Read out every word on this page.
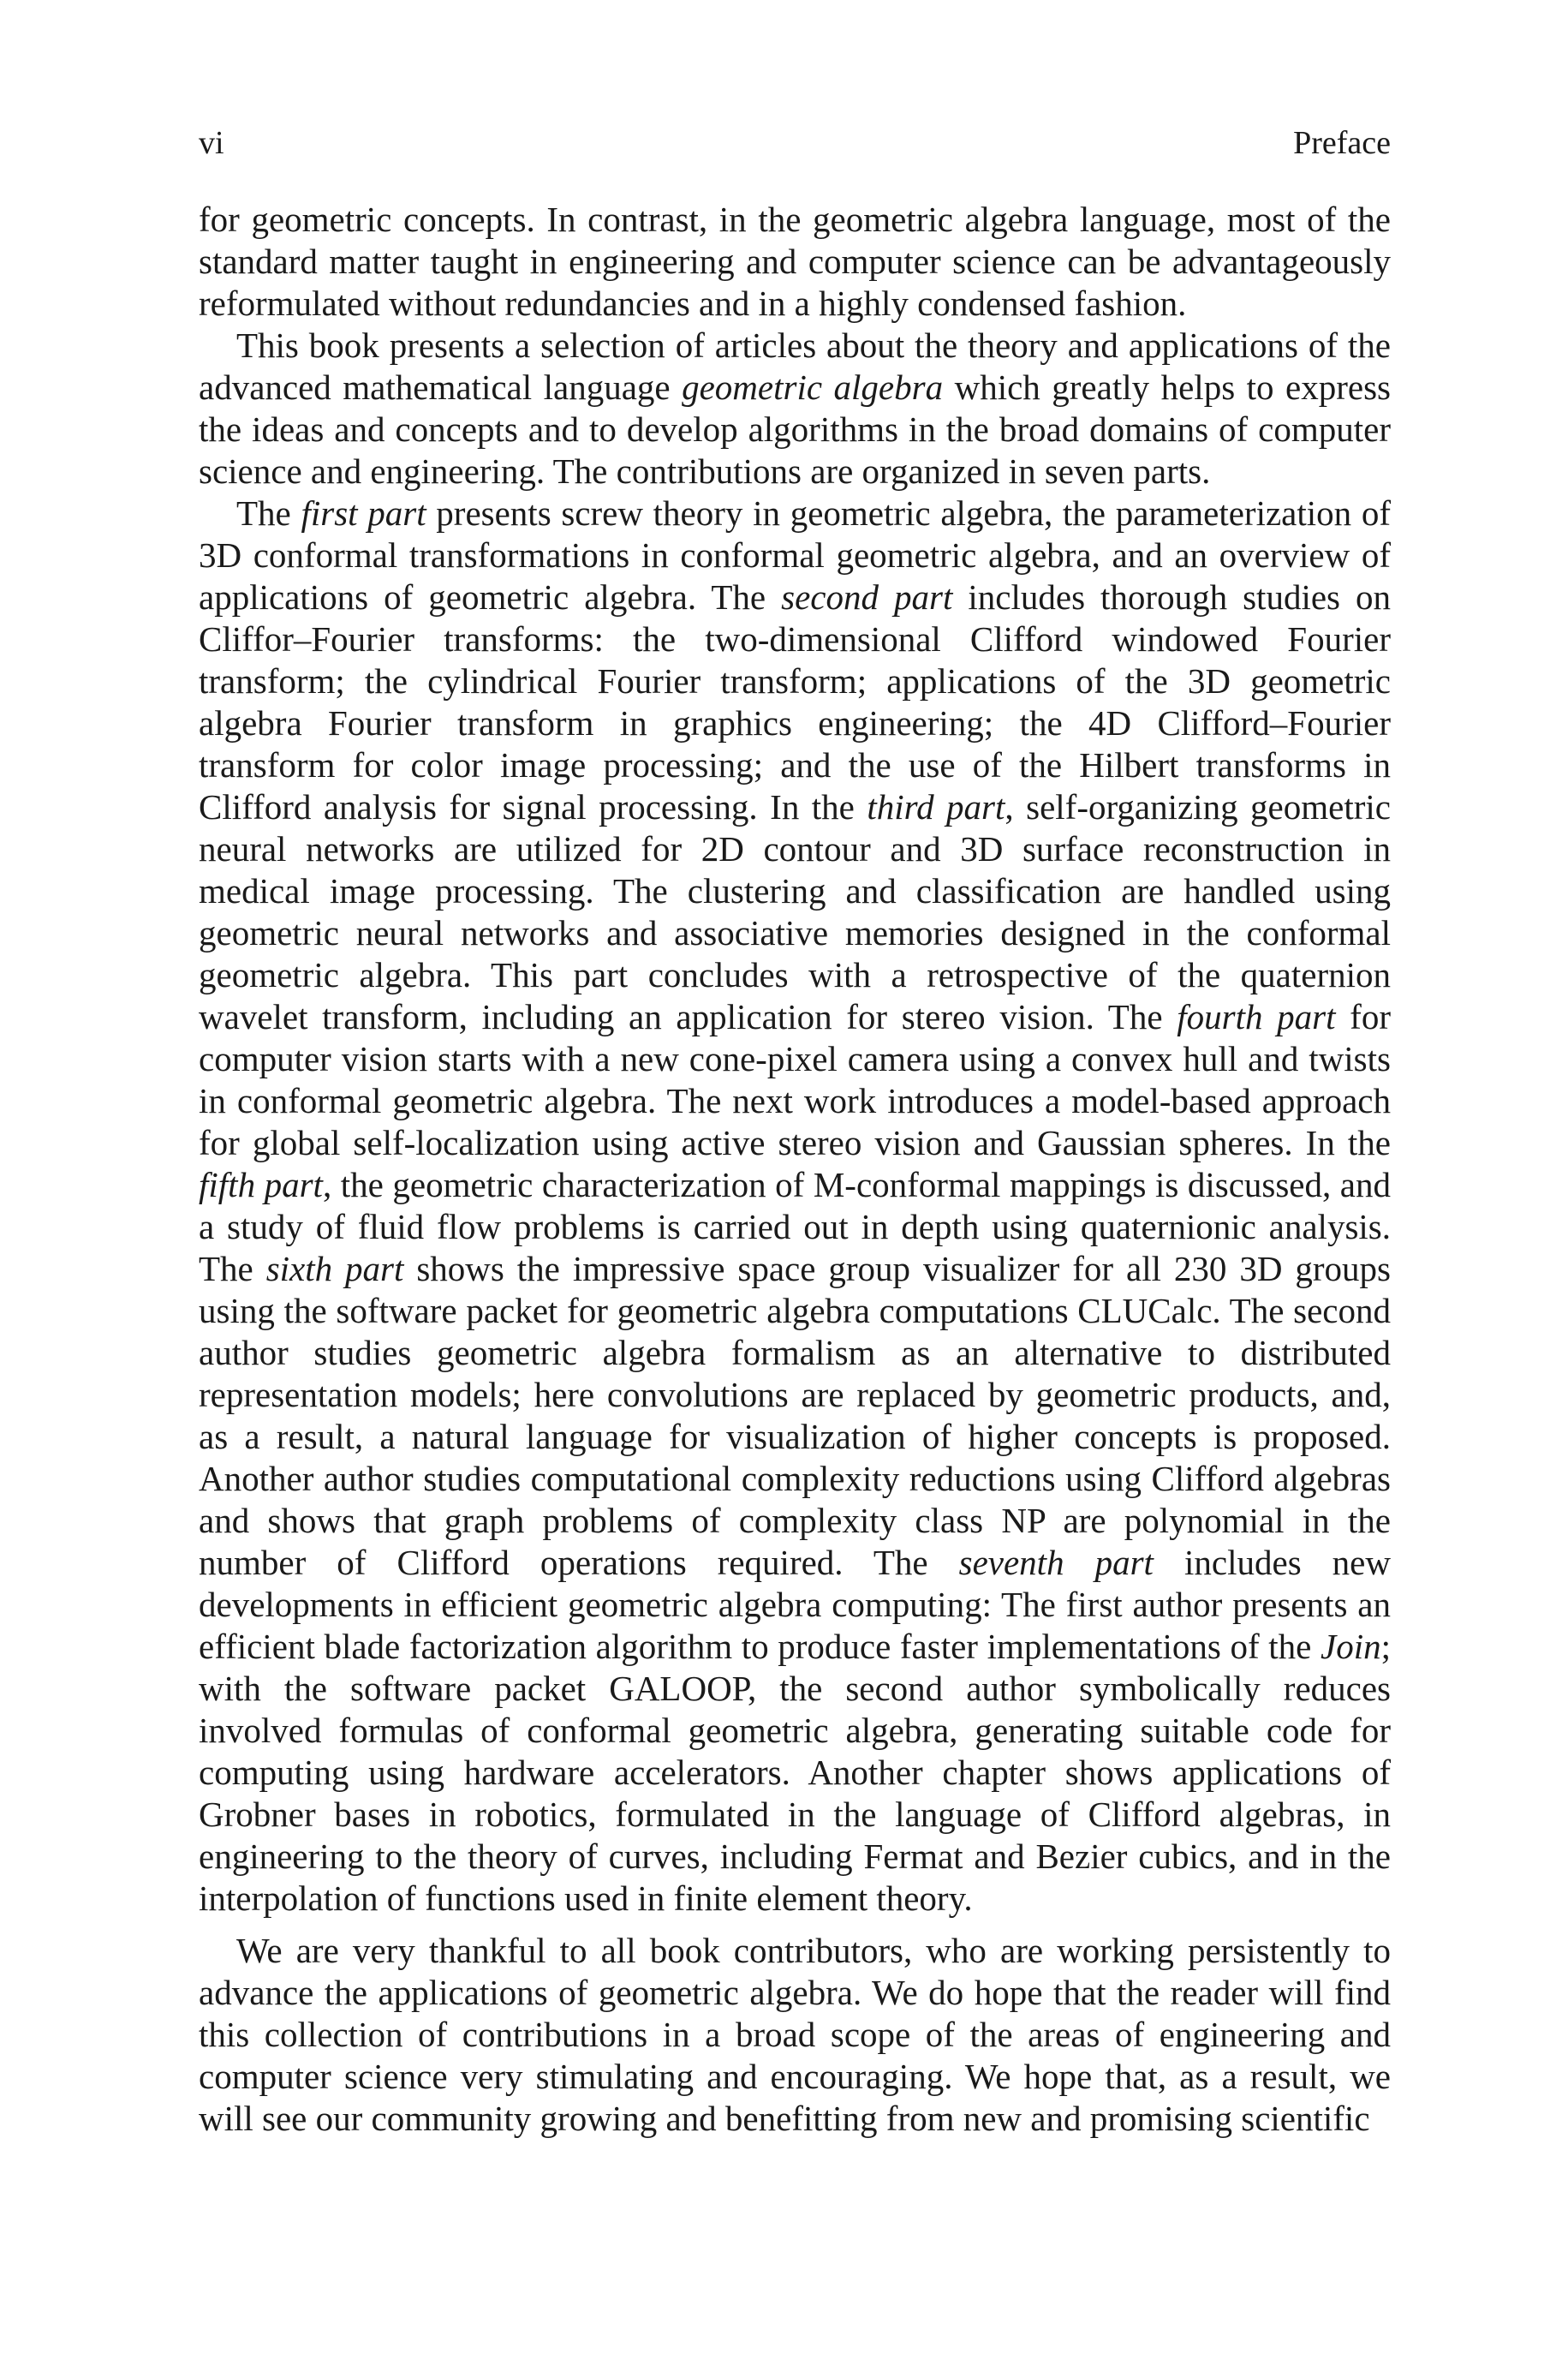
vi	Preface

for geometric concepts. In contrast, in the geometric algebra language, most of the standard matter taught in engineering and computer science can be advantageously reformulated without redundancies and in a highly condensed fashion.

This book presents a selection of articles about the theory and applications of the advanced mathematical language geometric algebra which greatly helps to express the ideas and concepts and to develop algorithms in the broad domains of computer science and engineering. The contributions are organized in seven parts.

The first part presents screw theory in geometric algebra, the parameterization of 3D conformal transformations in conformal geometric algebra, and an overview of applications of geometric algebra. The second part includes thorough studies on Cliffor–Fourier transforms: the two-dimensional Clifford windowed Fourier transform; the cylindrical Fourier transform; applications of the 3D geometric algebra Fourier transform in graphics engineering; the 4D Clifford–Fourier transform for color image processing; and the use of the Hilbert transforms in Clifford analysis for signal processing. In the third part, self-organizing geometric neural networks are utilized for 2D contour and 3D surface reconstruction in medical image processing. The clustering and classification are handled using geometric neural networks and associative memories designed in the conformal geometric algebra. This part concludes with a retrospective of the quaternion wavelet transform, including an application for stereo vision. The fourth part for computer vision starts with a new cone-pixel camera using a convex hull and twists in conformal geometric algebra. The next work introduces a model-based approach for global self-localization using active stereo vision and Gaussian spheres. In the fifth part, the geometric characterization of M-conformal mappings is discussed, and a study of fluid flow problems is carried out in depth using quaternionic analysis. The sixth part shows the impressive space group visualizer for all 230 3D groups using the software packet for geometric algebra computations CLUCalc. The second author studies geometric algebra formalism as an alternative to distributed representation models; here convolutions are replaced by geometric products, and, as a result, a natural language for visualization of higher concepts is proposed. Another author studies computational complexity reductions using Clifford algebras and shows that graph problems of complexity class NP are polynomial in the number of Clifford operations required. The seventh part includes new developments in efficient geometric algebra computing: The first author presents an efficient blade factorization algorithm to produce faster implementations of the Join; with the software packet GALOOP, the second author symbolically reduces involved formulas of conformal geometric algebra, generating suitable code for computing using hardware accelerators. Another chapter shows applications of Grobner bases in robotics, formulated in the language of Clifford algebras, in engineering to the theory of curves, including Fermat and Bezier cubics, and in the interpolation of functions used in finite element theory.

We are very thankful to all book contributors, who are working persistently to advance the applications of geometric algebra. We do hope that the reader will find this collection of contributions in a broad scope of the areas of engineering and computer science very stimulating and encouraging. We hope that, as a result, we will see our community growing and benefitting from new and promising scientific
